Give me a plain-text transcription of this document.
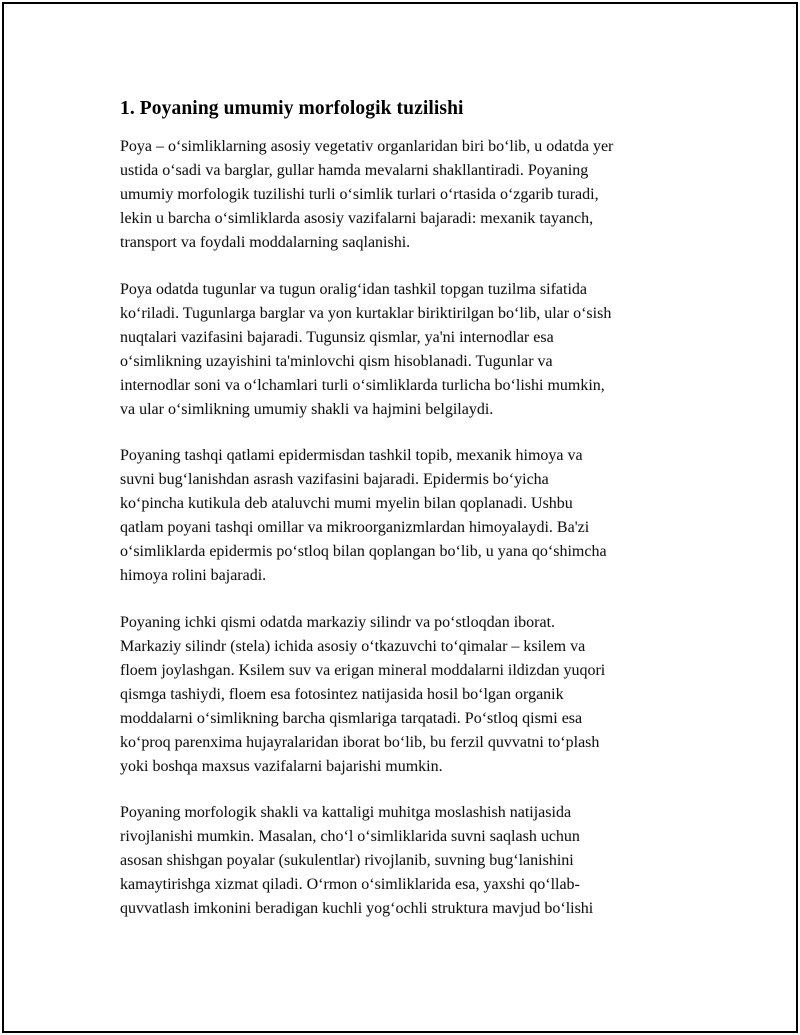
1. Poyaning umumiy morfologik tuzilishi

Poya – o‘simliklarning asosiy vegetativ organlaridan biri bo‘lib, u odatda yer
ustida o‘sadi va barglar, gullar hamda mevalarni shakllantiradi. Poyaning
umumiy morfologik tuzilishi turli o‘simlik turlari o‘rtasida o‘zgarib turadi,
lekin u barcha o‘simliklarda asosiy vazifalarni bajaradi: mexanik tayanch,
transport va foydali moddalarning saqlanishi.

Poya odatda tugunlar va tugun oralig‘idan tashkil topgan tuzilma sifatida
ko‘riladi. Tugunlarga barglar va yon kurtaklar biriktirilgan bo‘lib, ular o‘sish
nuqtalari vazifasini bajaradi. Tugunsiz qismlar, ya'ni internodlar esa
o‘simlikning uzayishini ta'minlovchi qism hisoblanadi. Tugunlar va
internodlar soni va o‘lchamlari turli o‘simliklarda turlicha bo‘lishi mumkin,
va ular o‘simlikning umumiy shakli va hajmini belgilaydi.

Poyaning tashqi qatlami epidermisdan tashkil topib, mexanik himoya va
suvni bug‘lanishdan asrash vazifasini bajaradi. Epidermis bo‘yicha
ko‘pincha kutikula deb ataluvchi mumi myelin bilan qoplanadi. Ushbu
qatlam poyani tashqi omillar va mikroorganizmlardan himoyalaydi. Ba'zi
o‘simliklarda epidermis po‘stloq bilan qoplangan bo‘lib, u yana qo‘shimcha
himoya rolini bajaradi.

Poyaning ichki qismi odatda markaziy silindr va po‘stloqdan iborat.
Markaziy silindr (stela) ichida asosiy o‘tkazuvchi to‘qimalar – ksilem va
floem joylashgan. Ksilem suv va erigan mineral moddalarni ildizdan yuqori
qismga tashiydi, floem esa fotosintez natijasida hosil bo‘lgan organik
moddalarni o‘simlikning barcha qismlariga tarqatadi. Po‘stloq qismi esa
ko‘proq parenxima hujayralaridan iborat bo‘lib, bu ferzil quvvatni to‘plash
yoki boshqa maxsus vazifalarni bajarishi mumkin.

Poyaning morfologik shakli va kattaligi muhitga moslashish natijasida
rivojlanishi mumkin. Masalan, cho‘l o‘simliklarida suvni saqlash uchun
asosan shishgan poyalar (sukulentlar) rivojlanib, suvning bug‘lanishini
kamaytirishga xizmat qiladi. O‘rmon o‘simliklarida esa, yaxshi qo‘llab-
quvvatlash imkonini beradigan kuchli yog‘ochli struktura mavjud bo‘lishi
